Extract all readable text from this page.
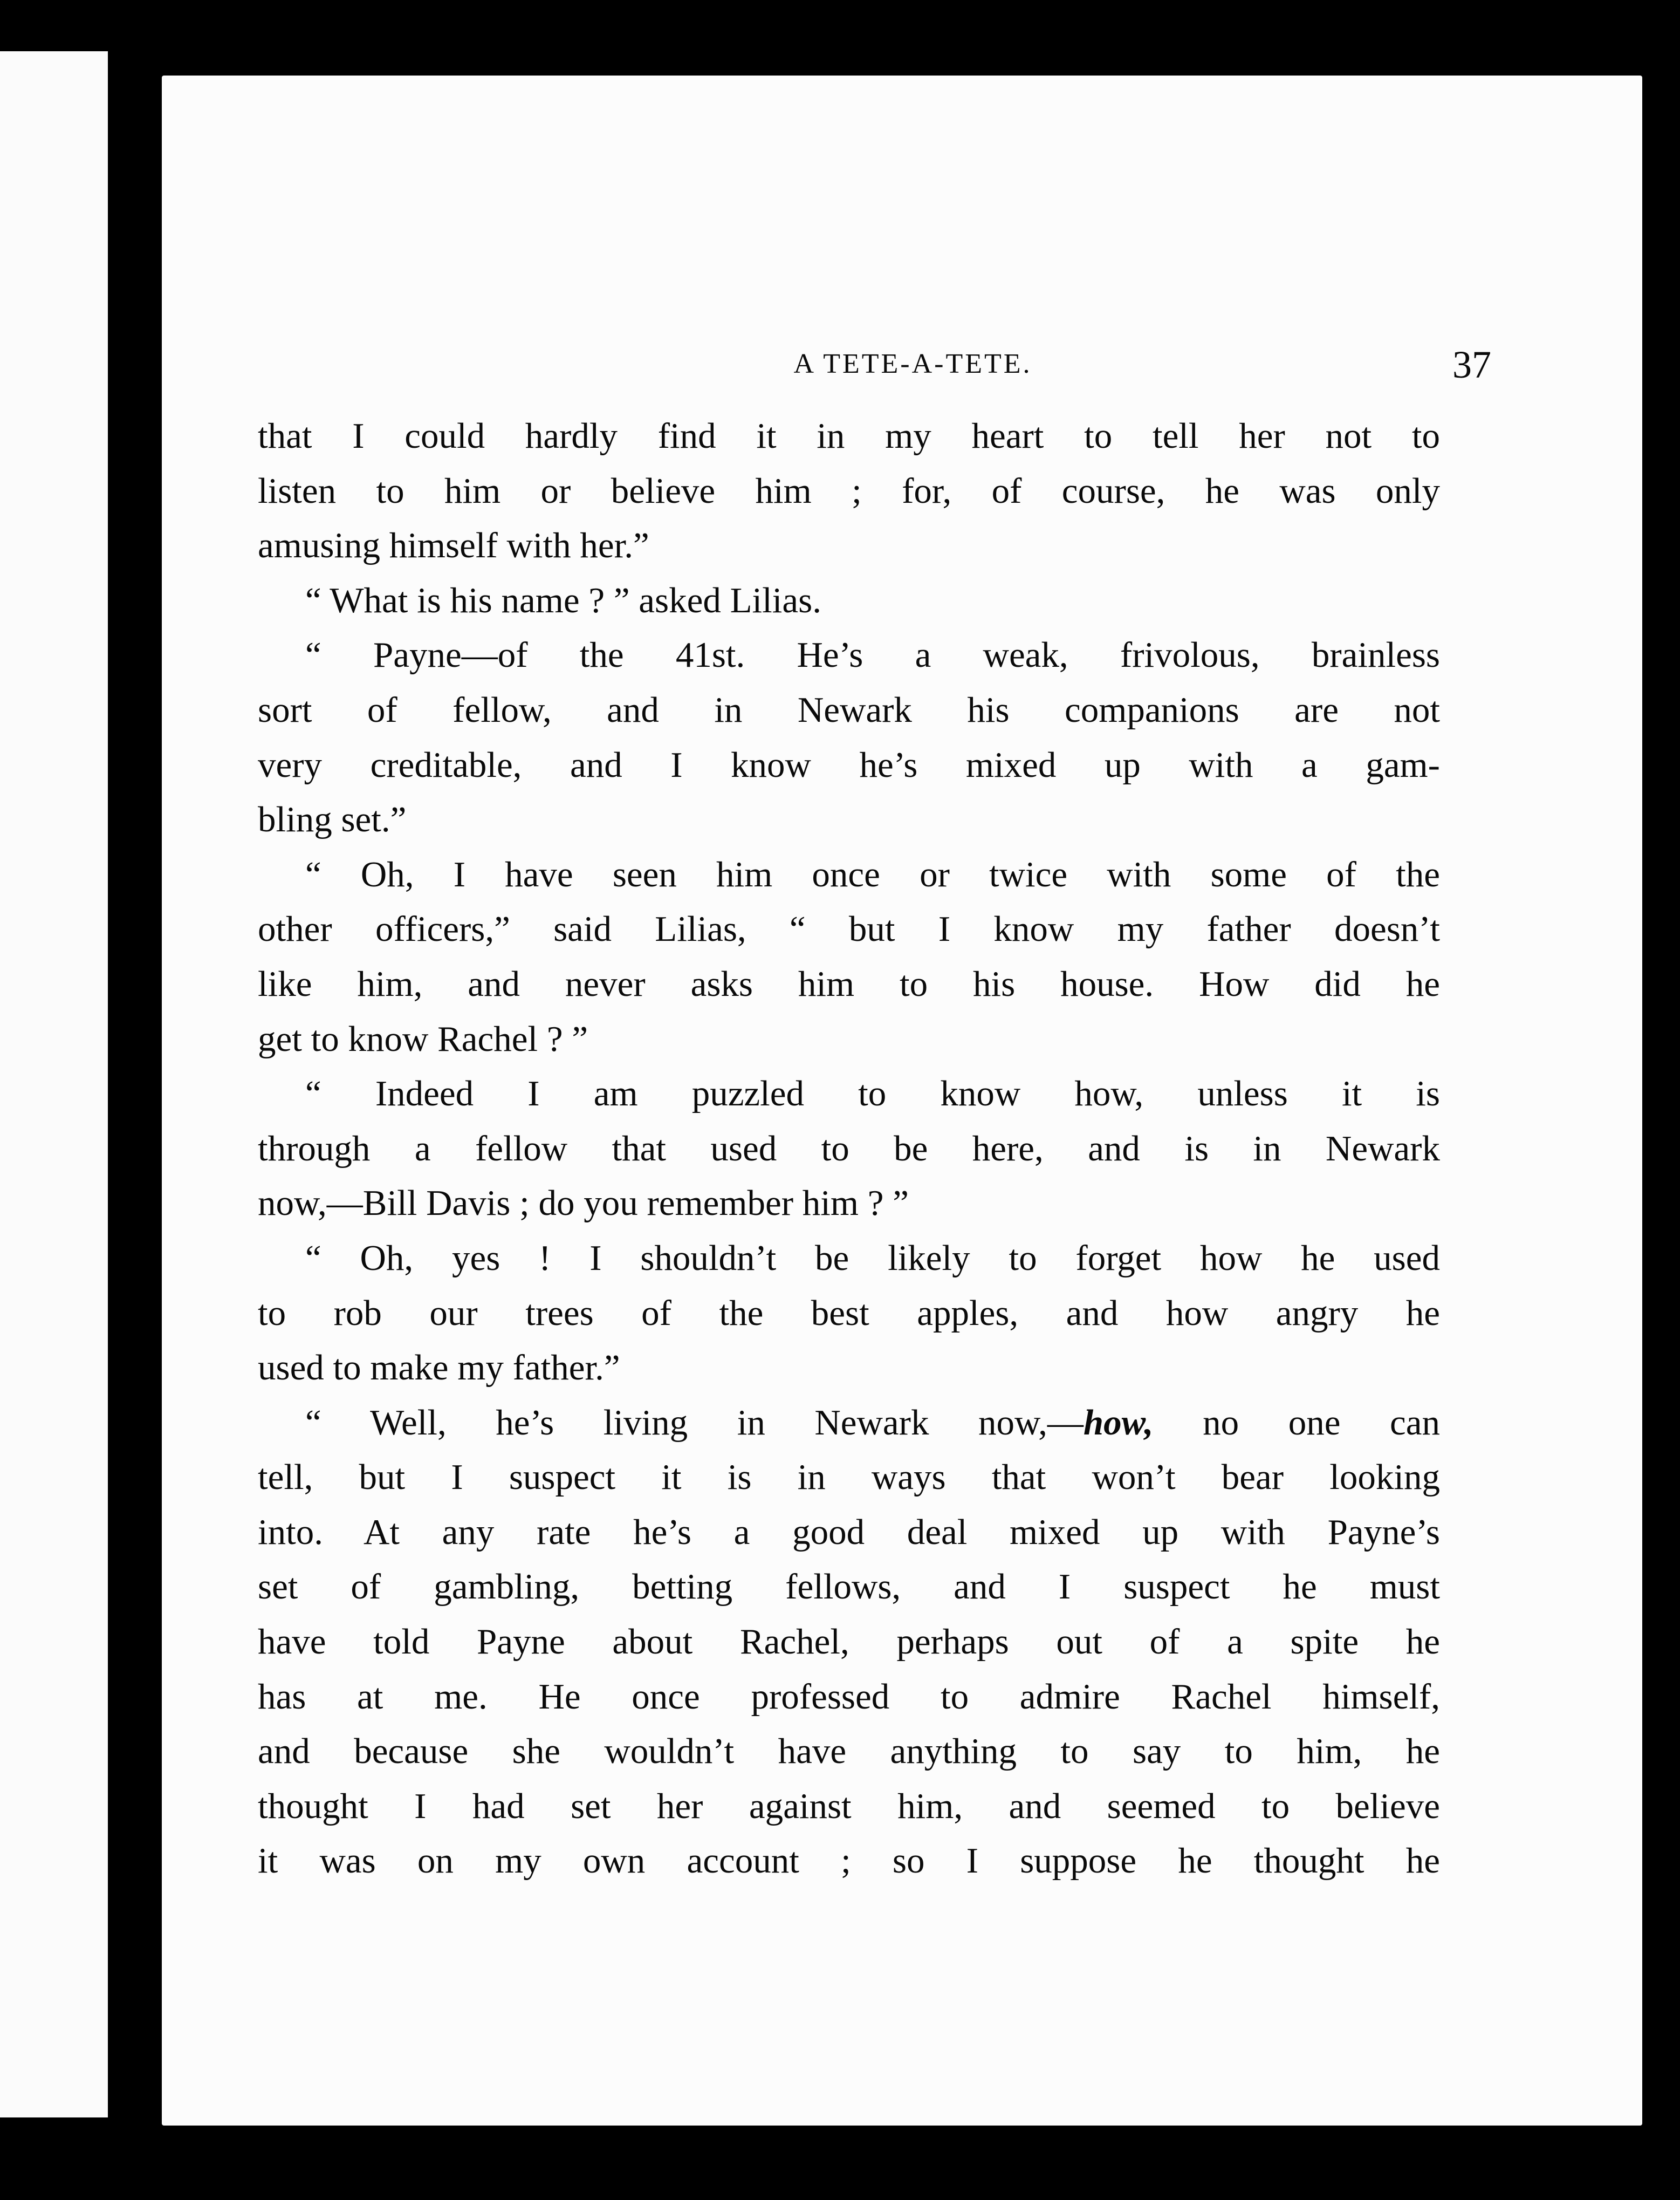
A TETE-A-TETE.	37

that I could hardly find it in my heart to tell her not to

listen to him or believe him ; for, of course, he was only

amusing himself with her.”

“ What is his name ? ” asked Lilias.

“ Payne—of the 41st. He’s a weak, frivolous, brainless

sort of fellow, and in Newark his companions are not

very creditable, and I know he’s mixed up with a gam-

bling set.”

“ Oh, I have seen him once or twice with some of the

other officers,” said Lilias, “ but I know my father doesn’t

like him, and never asks him to his house. How did he

get to know Rachel ? ”

“ Indeed I am puzzled to know how, unless it is

through a fellow that used to be here, and is in Newark

now,—Bill Davis ; do you remember him ? ”

“ Oh, yes ! I shouldn’t be likely to forget how he used

to rob our trees of the best apples, and how angry he

used to make my father.”

“ Well, he’s living in Newark now,—how, no one can

tell, but I suspect it is in ways that won’t bear looking

into. At any rate he’s a good deal mixed up with Payne’s

set of gambling, betting fellows, and I suspect he must

have told Payne about Rachel, perhaps out of a spite he

has at me. He once professed to admire Rachel himself,

and because she wouldn’t have anything to say to him, he

thought I had set her against him, and seemed to believe

it was on my own account ; so I suppose he thought he
